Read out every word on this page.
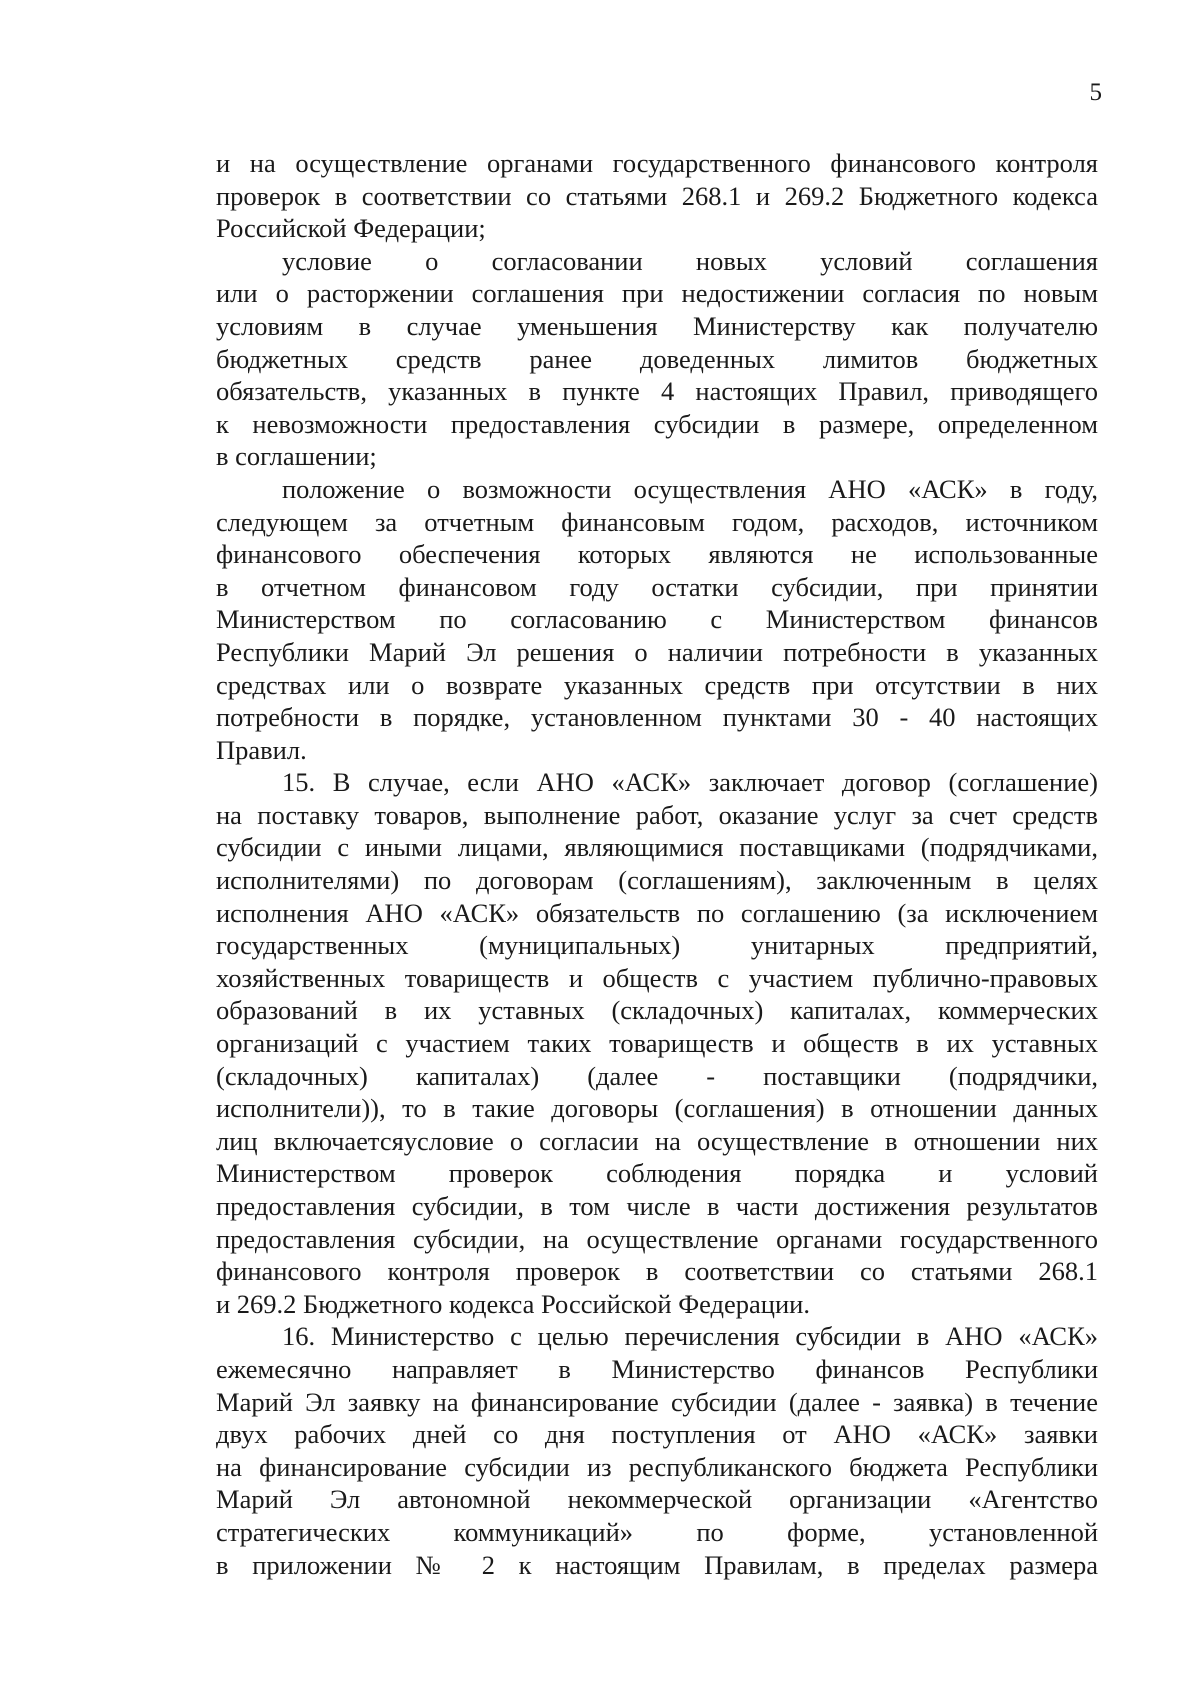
5
и на осуществление органами государственного финансового контроля
проверок в соответствии со статьями 268.1 и 269.2 Бюджетного кодекса
Российской Федерации;
условие о согласовании новых условий соглашения
или о расторжении соглашения при недостижении согласия по новым
условиям в случае уменьшения Министерству как получателю
бюджетных средств ранее доведенных лимитов бюджетных
обязательств, указанных в пункте 4 настоящих Правил, приводящего
к невозможности предоставления субсидии в размере, определенном
в соглашении;
положение о возможности осуществления АНО «АСК» в году,
следующем за отчетным финансовым годом, расходов, источником
финансового обеспечения которых являются не использованные
в отчетном финансовом году остатки субсидии, при принятии
Министерством по согласованию с Министерством финансов
Республики Марий Эл решения о наличии потребности в указанных
средствах или о возврате указанных средств при отсутствии в них
потребности в порядке, установленном пунктами 30 - 40 настоящих
Правил.
15. В случае, если АНО «АСК» заключает договор (соглашение)
на поставку товаров, выполнение работ, оказание услуг за счет средств
субсидии с иными лицами, являющимися поставщиками (подрядчиками,
исполнителями) по договорам (соглашениям), заключенным в целях
исполнения АНО «АСК» обязательств по соглашению (за исключением
государственных (муниципальных) унитарных предприятий,
хозяйственных товариществ и обществ с участием публично-правовых
образований в их уставных (складочных) капиталах, коммерческих
организаций с участием таких товариществ и обществ в их уставных
(складочных) капиталах) (далее - поставщики (подрядчики,
исполнители)), то в такие договоры (соглашения) в отношении данных
лиц включаетсяусловие о согласии на осуществление в отношении них
Министерством проверок соблюдения порядка и условий
предоставления субсидии, в том числе в части достижения результатов
предоставления субсидии, на осуществление органами государственного
финансового контроля проверок в соответствии со статьями 268.1
и 269.2 Бюджетного кодекса Российской Федерации.
16. Министерство с целью перечисления субсидии в АНО «АСК»
ежемесячно направляет в Министерство финансов Республики
Марий Эл заявку на финансирование субсидии (далее - заявка) в течение
двух рабочих дней со дня поступления от АНО «АСК» заявки
на финансирование субсидии из республиканского бюджета Республики
Марий Эл автономной некоммерческой организации «Агентство
стратегических коммуникаций» по форме, установленной
в приложении № 2 к настоящим Правилам, в пределах размера
